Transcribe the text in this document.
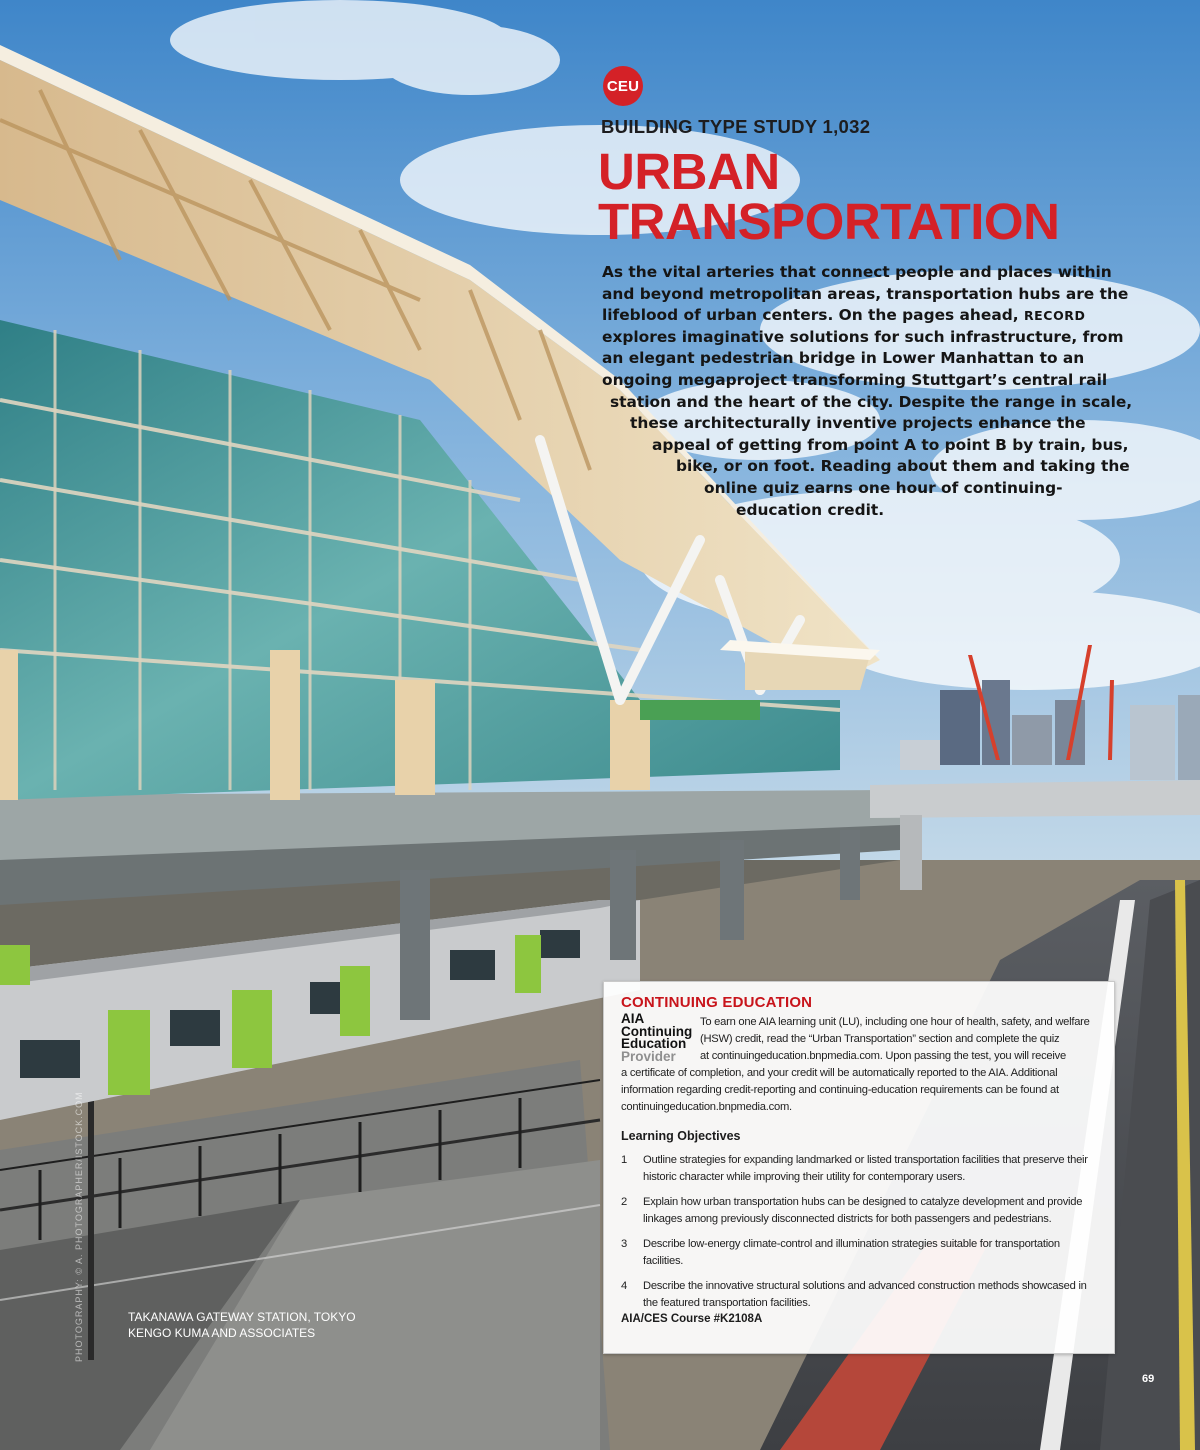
CEU
BUILDING TYPE STUDY 1,032
URBAN
TRANSPORTATION
As the vital arteries that connect people and places within
and beyond metropolitan areas, transportation hubs are the
lifeblood of urban centers. On the pages ahead, RECORD
explores imaginative solutions for such infrastructure, from
an elegant pedestrian bridge in Lower Manhattan to an
ongoing megaproject transforming Stuttgart’s central rail
station and the heart of the city. Despite the range in scale,
these architecturally inventive projects enhance the
appeal of getting from point A to point B by train, bus,
bike, or on foot. Reading about them and taking the
online quiz earns one hour of continuing-
education credit.
CONTINUING EDUCATION
AIA
Continuing
Education
Provider
To earn one AIA learning unit (LU), including one hour of health, safety, and welfare
(HSW) credit, read the “Urban Transportation” section and complete the quiz
at continuingeducation.bnpmedia.com. Upon passing the test, you will receive
a certificate of completion, and your credit will be automatically reported to the AIA. Additional
information regarding credit-reporting and continuing-education requirements can be found at
continuingeducation.bnpmedia.com.
Learning Objectives
1 Outline strategies for expanding landmarked or listed transportation facilities that preserve their historic character while improving their utility for contemporary users.
2 Explain how urban transportation hubs can be designed to catalyze development and provide linkages among previously disconnected districts for both passengers and pedestrians.
3 Describe low-energy climate-control and illumination strategies suitable for transportation facilities.
4 Describe the innovative structural solutions and advanced construction methods showcased in the featured transportation facilities.
AIA/CES Course #K2108A
TAKANAWA GATEWAY STATION, TOKYO
KENGO KUMA AND ASSOCIATES
PHOTOGRAPHY: © A. PHOTOGRAPHER/ISTOCK.COM
69
